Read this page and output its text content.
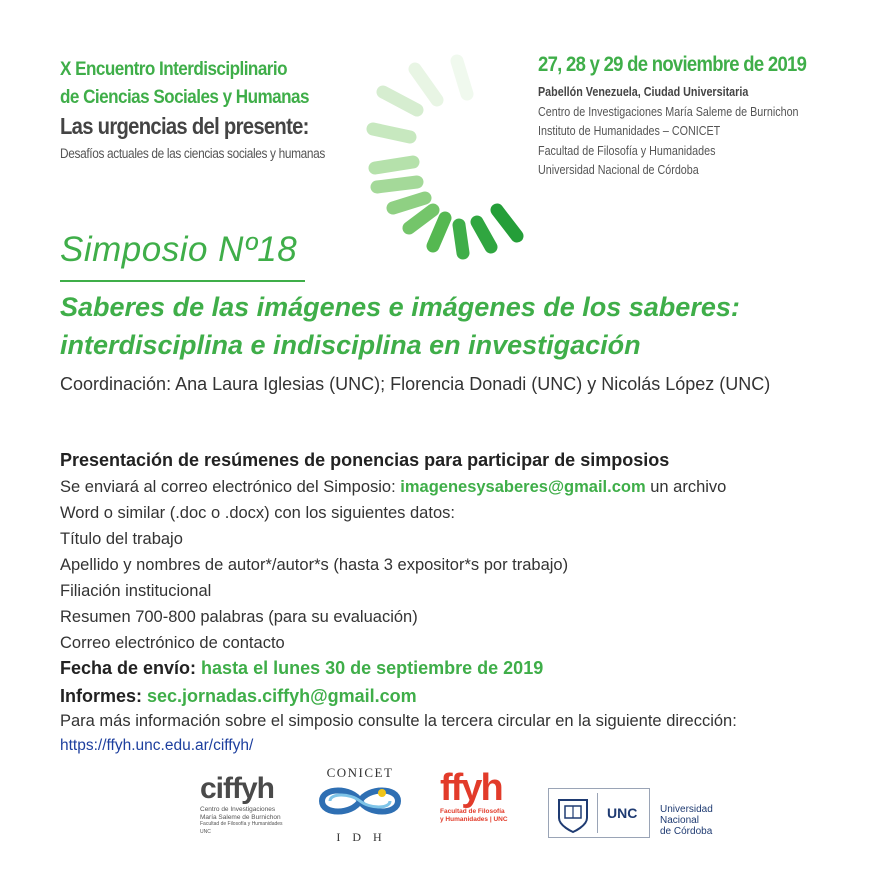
X Encuentro Interdisciplinario
de Ciencias Sociales y Humanas
Las urgencias del presente:
Desafíos actuales de las ciencias sociales y humanas
27, 28 y 29 de noviembre de 2019
Pabellón Venezuela, Ciudad Universitaria
Centro de Investigaciones María Saleme de Burnichon
Instituto de Humanidades – CONICET
Facultad de Filosofía y Humanidades
Universidad Nacional de Córdoba
Simposio Nº18
Saberes de las imágenes e imágenes de los saberes:
interdisciplina e indisciplina en investigación
Coordinación: Ana Laura Iglesias (UNC); Florencia Donadi (UNC) y Nicolás López (UNC)
Presentación de resúmenes de ponencias para participar de simposios
Se enviará al correo electrónico del Simposio: imagenesysaberes@gmail.com un archivo
Word o similar (.doc o .docx) con los siguientes datos:
Título del trabajo
Apellido y nombres de autor*/autor*s (hasta 3 expositor*s por trabajo)
Filiación institucional
Resumen 700-800 palabras (para su evaluación)
Correo electrónico de contacto
Fecha de envío: hasta el lunes 30 de septiembre de 2019
Informes: sec.jornadas.ciffyh@gmail.com
Para más información sobre el simposio consulte la tercera circular en la siguiente dirección:
https://ffyh.unc.edu.ar/ciffyh/
ciffyh
Centro de Investigaciones
María Saleme de Burnichon
Facultad de Filosofía y Humanidades UNC
CONICET
IDH
ffyh
Facultad de Filosofía
y Humanidades | UNC	UNC Universidad
Nacional
de Córdoba
